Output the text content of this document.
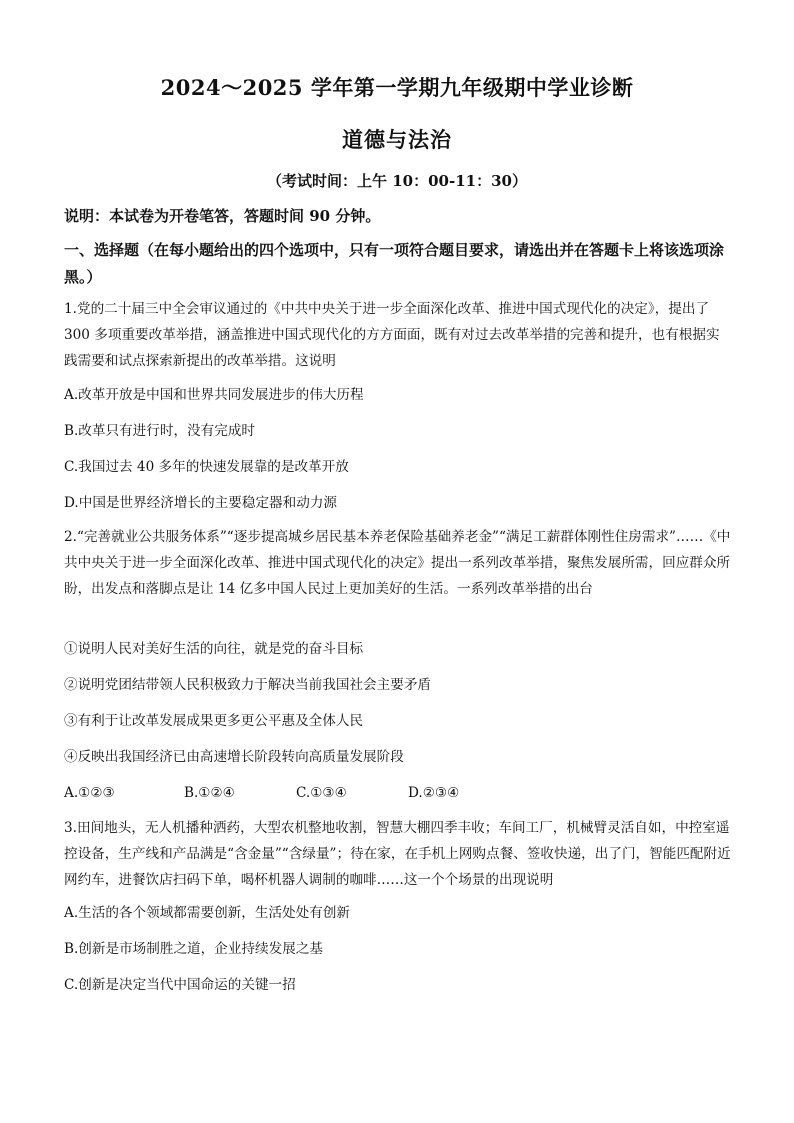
2024～2025 学年第一学期九年级期中学业诊断
道德与法治
（考试时间：上午 10：00-11：30）
说明：本试卷为开卷笔答，答题时间 90 分钟。
一、选择题（在每小题给出的四个选项中，只有一项符合题目要求，请选出并在答题卡上将该选项涂黑。）
1.党的二十届三中全会审议通过的《中共中央关于进一步全面深化改革、推进中国式现代化的决定》，提出了 300 多项重要改革举措，涵盖推进中国式现代化的方方面面，既有对过去改革举措的完善和提升，也有根据实践需要和试点探索新提出的改革举措。这说明
A.改革开放是中国和世界共同发展进步的伟大历程
B.改革只有进行时，没有完成时
C.我国过去 40 多年的快速发展靠的是改革开放
D.中国是世界经济增长的主要稳定器和动力源
2.“完善就业公共服务体系”“逐步提高城乡居民基本养老保险基础养老金”“满足工薪群体刚性住房需求”……《中共中央关于进一步全面深化改革、推进中国式现代化的决定》提出一系列改革举措，聚焦发展所需，回应群众所盼，出发点和落脚点是让 14 亿多中国人民过上更加美好的生活。一系列改革举措的出台
①说明人民对美好生活的向往，就是党的奋斗目标
②说明党团结带领人民积极致力于解决当前我国社会主要矛盾
③有利于让改革发展成果更多更公平惠及全体人民
④反映出我国经济已由高速增长阶段转向高质量发展阶段
A.①②③	B.①②④	C.①③④	D.②③④
3.田间地头，无人机播种洒药，大型农机整地收割，智慧大棚四季丰收；车间工厂，机械臂灵活自如，中控室遥控设备，生产线和产品满是“含金量”“含绿量”；待在家，在手机上网购点餐、签收快递，出了门，智能匹配附近网约车，进餐饮店扫码下单，喝杯机器人调制的咖啡……这一个个场景的出现说明
A.生活的各个领域都需要创新，生活处处有创新
B.创新是市场制胜之道，企业持续发展之基
C.创新是决定当代中国命运的关键一招
